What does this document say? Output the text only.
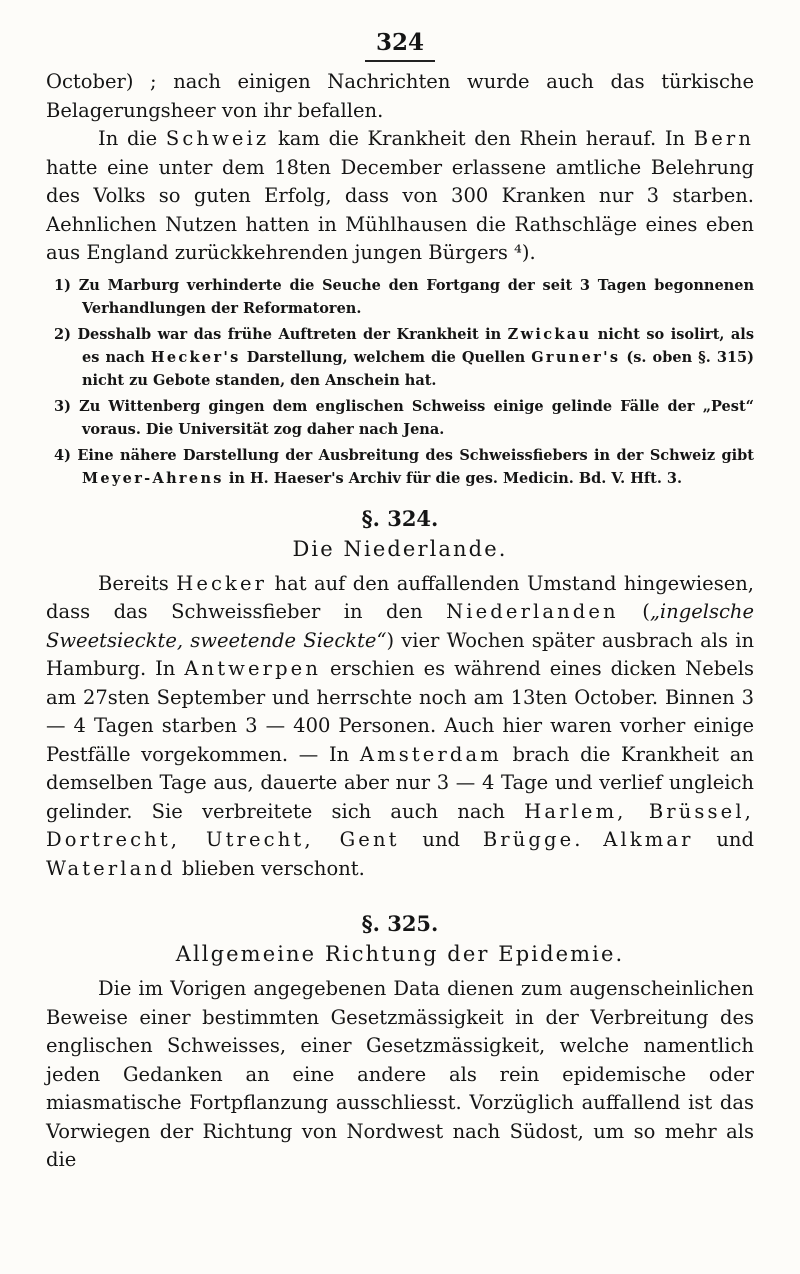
324

October) ; nach einigen Nachrichten wurde auch das türkische Belagerungsheer von ihr befallen.

In die Schweiz kam die Krankheit den Rhein herauf. In Bern hatte eine unter dem 18ten December erlassene amtliche Belehrung des Volks so guten Erfolg, dass von 300 Kranken nur 3 starben. Aehnlichen Nutzen hatten in Mühlhausen die Rathschläge eines eben aus England zurückkehrenden jungen Bürgers ⁴).

1) Zu Marburg verhinderte die Seuche den Fortgang der seit 3 Tagen begonnenen Verhandlungen der Reformatoren.

2) Desshalb war das frühe Auftreten der Krankheit in Zwickau nicht so isolirt, als es nach Hecker's Darstellung, welchem die Quellen Gruner's (s. oben §. 315) nicht zu Gebote standen, den Anschein hat.

3) Zu Wittenberg gingen dem englischen Schweiss einige gelinde Fälle der „Pest“ voraus. Die Universität zog daher nach Jena.

4) Eine nähere Darstellung der Ausbreitung des Schweissfiebers in der Schweiz gibt Meyer-Ahrens in H. Haeser's Archiv für die ges. Medicin. Bd. V. Hft. 3.

§. 324.
Die Niederlande.

Bereits Hecker hat auf den auffallenden Umstand hingewiesen, dass das Schweissfieber in den Niederlanden („ingelsche Sweetsieckte, sweetende Sieckte“) vier Wochen später ausbrach als in Hamburg. In Antwerpen erschien es während eines dicken Nebels am 27sten September und herrschte noch am 13ten October. Binnen 3 — 4 Tagen starben 3 — 400 Personen. Auch hier waren vorher einige Pestfälle vorgekommen. — In Amsterdam brach die Krankheit an demselben Tage aus, dauerte aber nur 3 — 4 Tage und verlief ungleich gelinder. Sie verbreitete sich auch nach Harlem, Brüssel, Dortrecht, Utrecht, Gent und Brügge. Alkmar und Waterland blieben verschont.

§. 325.
Allgemeine Richtung der Epidemie.

Die im Vorigen angegebenen Data dienen zum augenscheinlichen Beweise einer bestimmten Gesetzmässigkeit in der Verbreitung des englischen Schweisses, einer Gesetzmässigkeit, welche namentlich jeden Gedanken an eine andere als rein epidemische oder miasmatische Fortpflanzung ausschliesst. Vorzüglich auffallend ist das Vorwiegen der Richtung von Nordwest nach Südost, um so mehr als die
